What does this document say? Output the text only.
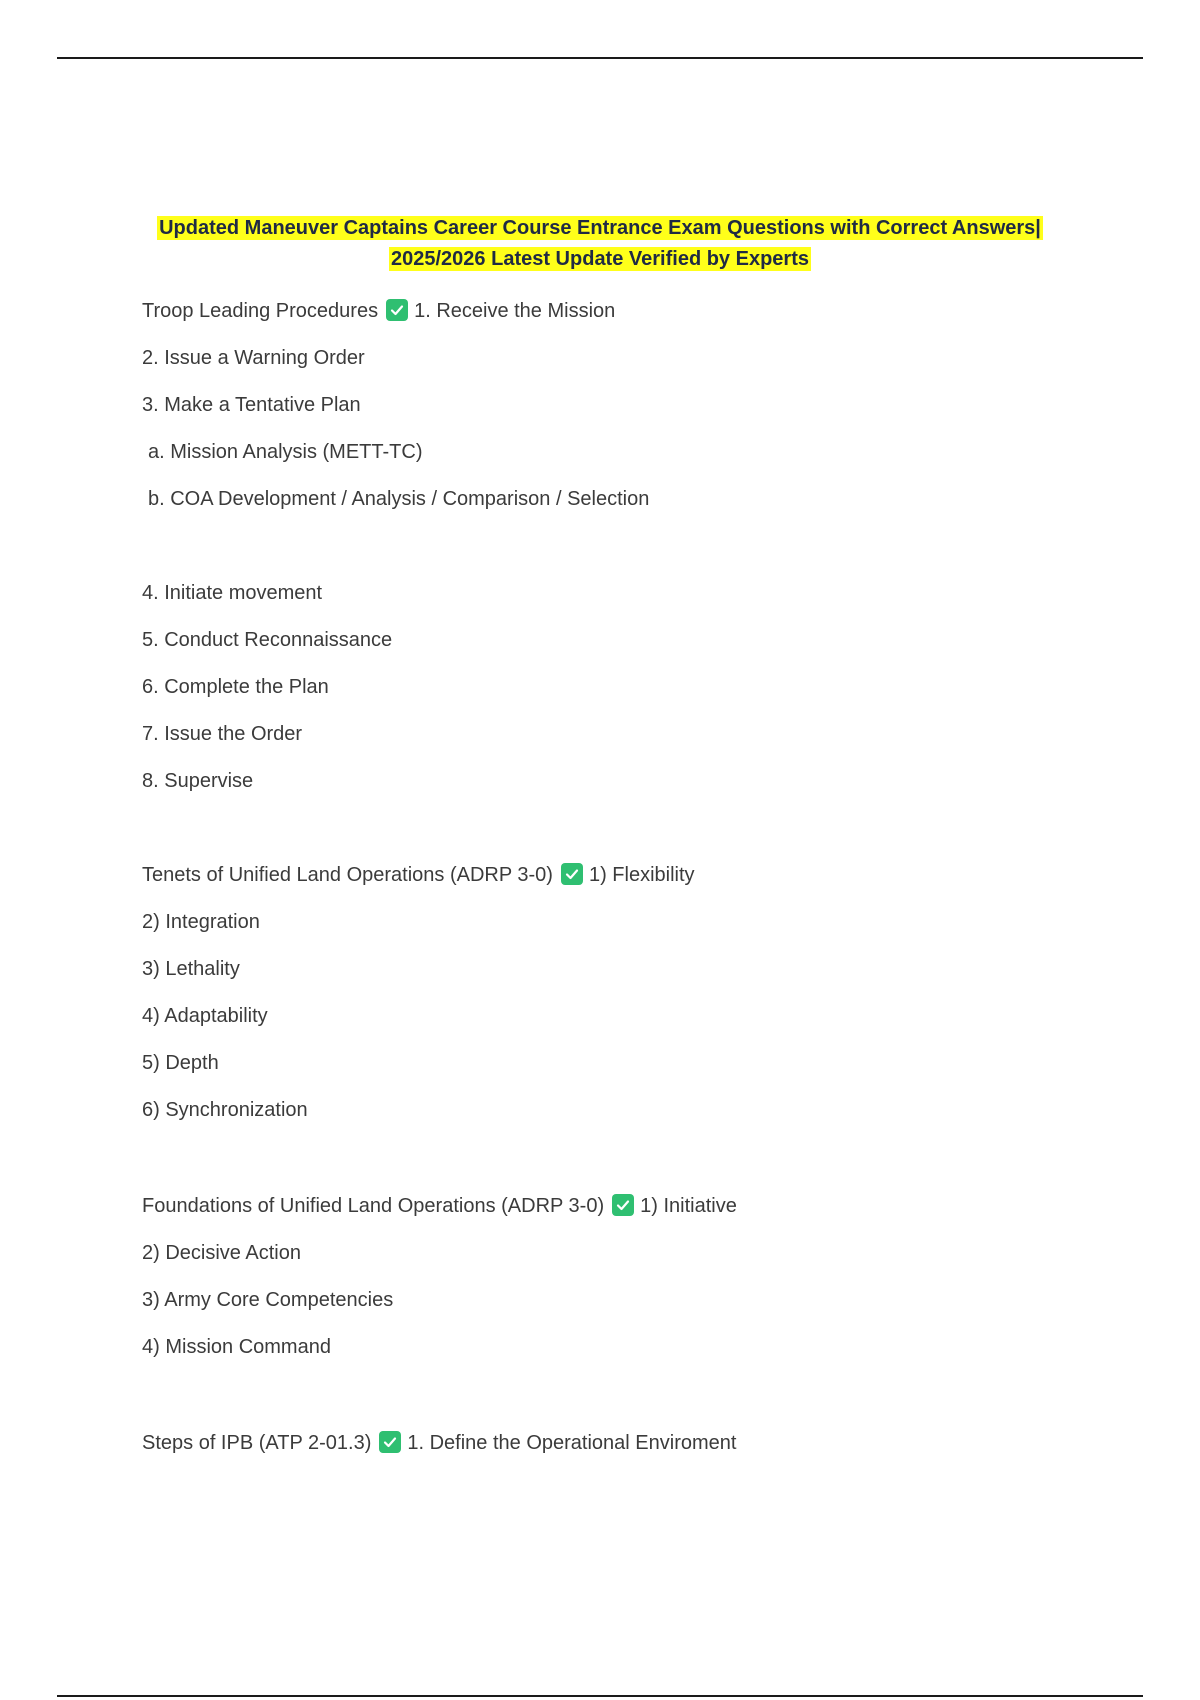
Updated Maneuver Captains Career Course Entrance Exam Questions with Correct Answers|
2025/2026 Latest Update Verified by Experts
Troop Leading Procedures 1. Receive the Mission
2. Issue a Warning Order
3. Make a Tentative Plan
a. Mission Analysis (METT-TC)
b. COA Development / Analysis / Comparison / Selection
4. Initiate movement
5. Conduct Reconnaissance
6. Complete the Plan
7. Issue the Order
8. Supervise
Tenets of Unified Land Operations (ADRP 3-0) 1) Flexibility
2) Integration
3) Lethality
4) Adaptability
5) Depth
6) Synchronization
Foundations of Unified Land Operations (ADRP 3-0) 1) Initiative
2) Decisive Action
3) Army Core Competencies
4) Mission Command
Steps of IPB (ATP 2-01.3) 1. Define the Operational Enviroment
